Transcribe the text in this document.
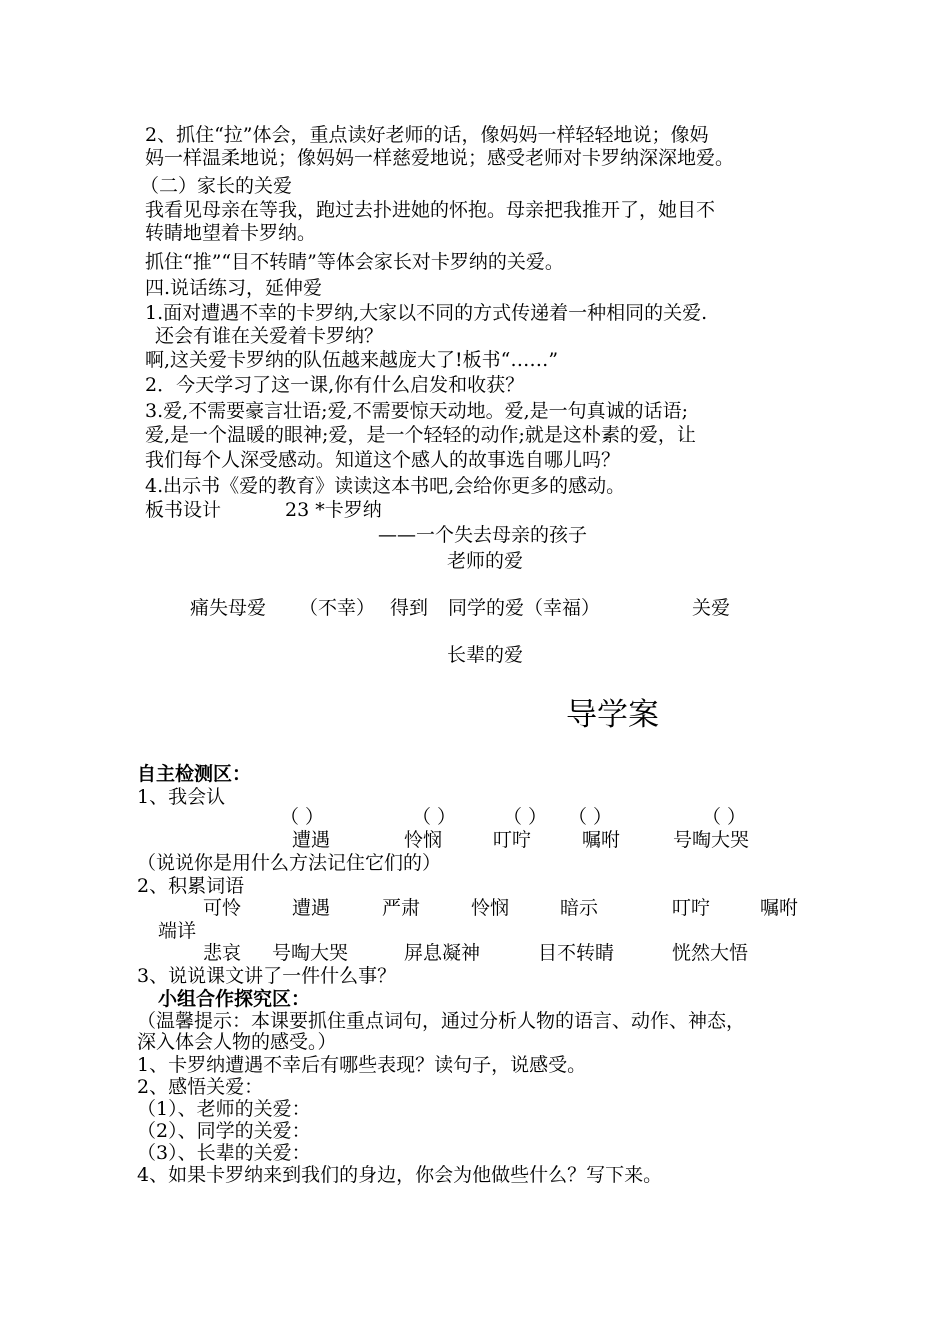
2、抓住“拉”体会，重点读好老师的话，像妈妈一样轻轻地说；像妈
妈一样温柔地说；像妈妈一样慈爱地说；感受老师对卡罗纳深深地爱。
（二）家长的关爱
我看见母亲在等我，跑过去扑进她的怀抱。母亲把我推开了，她目不
转睛地望着卡罗纳。
抓住“推”“目不转睛”等体会家长对卡罗纳的关爱。
四.说话练习，延伸爱
1.面对遭遇不幸的卡罗纳,大家以不同的方式传递着一种相同的关爱.
还会有谁在关爱着卡罗纳？
啊,这关爱卡罗纳的队伍越来越庞大了!板书“……”
2．今天学习了这一课,你有什么启发和收获？
3.爱,不需要豪言壮语;爱,不需要惊天动地。爱,是一句真诚的话语;
爱,是一个温暖的眼神;爱，是一个轻轻的动作;就是这朴素的爱，让
我们每个人深受感动。知道这个感人的故事选自哪儿吗？
4.出示书《爱的教育》读读这本书吧,会给你更多的感动。
板书设计	23 *卡罗纳
——一个失去母亲的孩子
老师的爱
痛失母爱 （不幸） 得到 同学的爱（幸福）	关爱
长辈的爱
导学案
自主检测区：
1、我会认
（ ）	（ ） （ ） （ ）	（ ）
遭遇	怜悯	叮咛	嘱咐	号啕大哭
（说说你是用什么方法记住它们的）
2、积累词语
可怜	遭遇	严肃	怜悯	暗示	叮咛	嘱咐
端详
悲哀 号啕大哭	屏息凝神	目不转睛	恍然大悟
3、说说课文讲了一件什么事？
小组合作探究区：
（温馨提示：本课要抓住重点词句，通过分析人物的语言、动作、神态，
深入体会人物的感受。）
1、卡罗纳遭遇不幸后有哪些表现？读句子，说感受。
2、感悟关爱：
（1）、老师的关爱：
（2）、同学的关爱：
（3）、长辈的关爱：
4、如果卡罗纳来到我们的身边，你会为他做些什么？写下来。
